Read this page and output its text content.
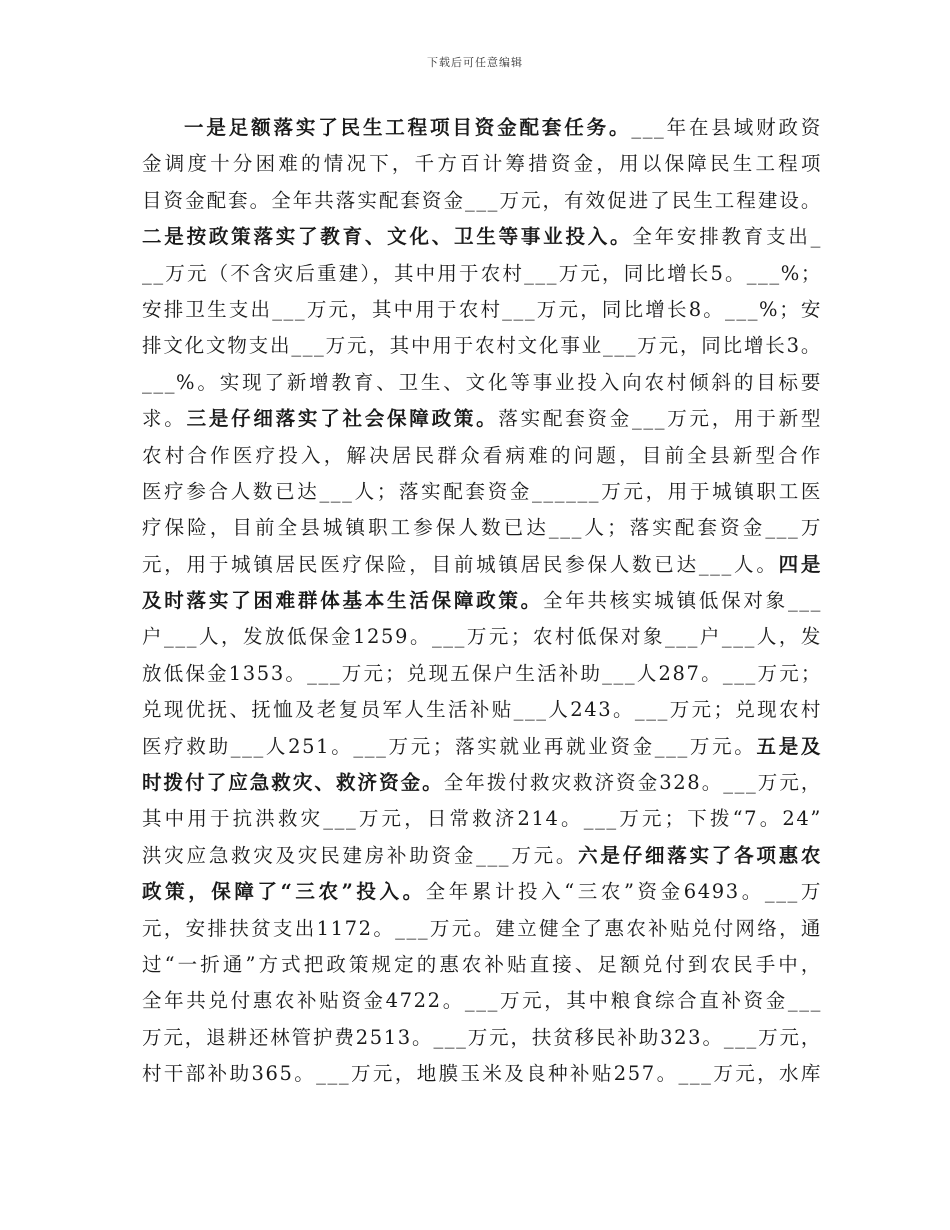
下载后可任意编辑
一是足额落实了民生工程项目资金配套任务。___年在县域财政资
金调度十分困难的情况下，千方百计筹措资金，用以保障民生工程项
目资金配套。全年共落实配套资金___万元，有效促进了民生工程建设。
二是按政策落实了教育、文化、卫生等事业投入。全年安排教育支出_
__万元（不含灾后重建），其中用于农村___万元，同比增长5。___%；
安排卫生支出___万元，其中用于农村___万元，同比增长8。___%；安
排文化文物支出___万元，其中用于农村文化事业___万元，同比增长3。
___%。实现了新增教育、卫生、文化等事业投入向农村倾斜的目标要
求。三是仔细落实了社会保障政策。落实配套资金___万元，用于新型
农村合作医疗投入，解决居民群众看病难的问题，目前全县新型合作
医疗参合人数已达___人；落实配套资金______万元，用于城镇职工医
疗保险，目前全县城镇职工参保人数已达___人；落实配套资金___万
元，用于城镇居民医疗保险，目前城镇居民参保人数已达___人。四是
及时落实了困难群体基本生活保障政策。全年共核实城镇低保对象___
户___人，发放低保金1259。___万元；农村低保对象___户___人，发
放低保金1353。___万元；兑现五保户生活补助___人287。___万元；
兑现优抚、抚恤及老复员军人生活补贴___人243。___万元；兑现农村
医疗救助___人251。___万元；落实就业再就业资金___万元。五是及
时拨付了应急救灾、救济资金。全年拨付救灾救济资金328。___万元，
其中用于抗洪救灾___万元，日常救济214。___万元；下拨“7。24”
洪灾应急救灾及灾民建房补助资金___万元。六是仔细落实了各项惠农
政策，保障了“三农”投入。全年累计投入“三农”资金6493。___万
元，安排扶贫支出1172。___万元。建立健全了惠农补贴兑付网络，通
过“一折通”方式把政策规定的惠农补贴直接、足额兑付到农民手中，
全年共兑付惠农补贴资金4722。___万元，其中粮食综合直补资金___
万元，退耕还林管护费2513。___万元，扶贫移民补助323。___万元，
村干部补助365。___万元，地膜玉米及良种补贴257。___万元，水库
